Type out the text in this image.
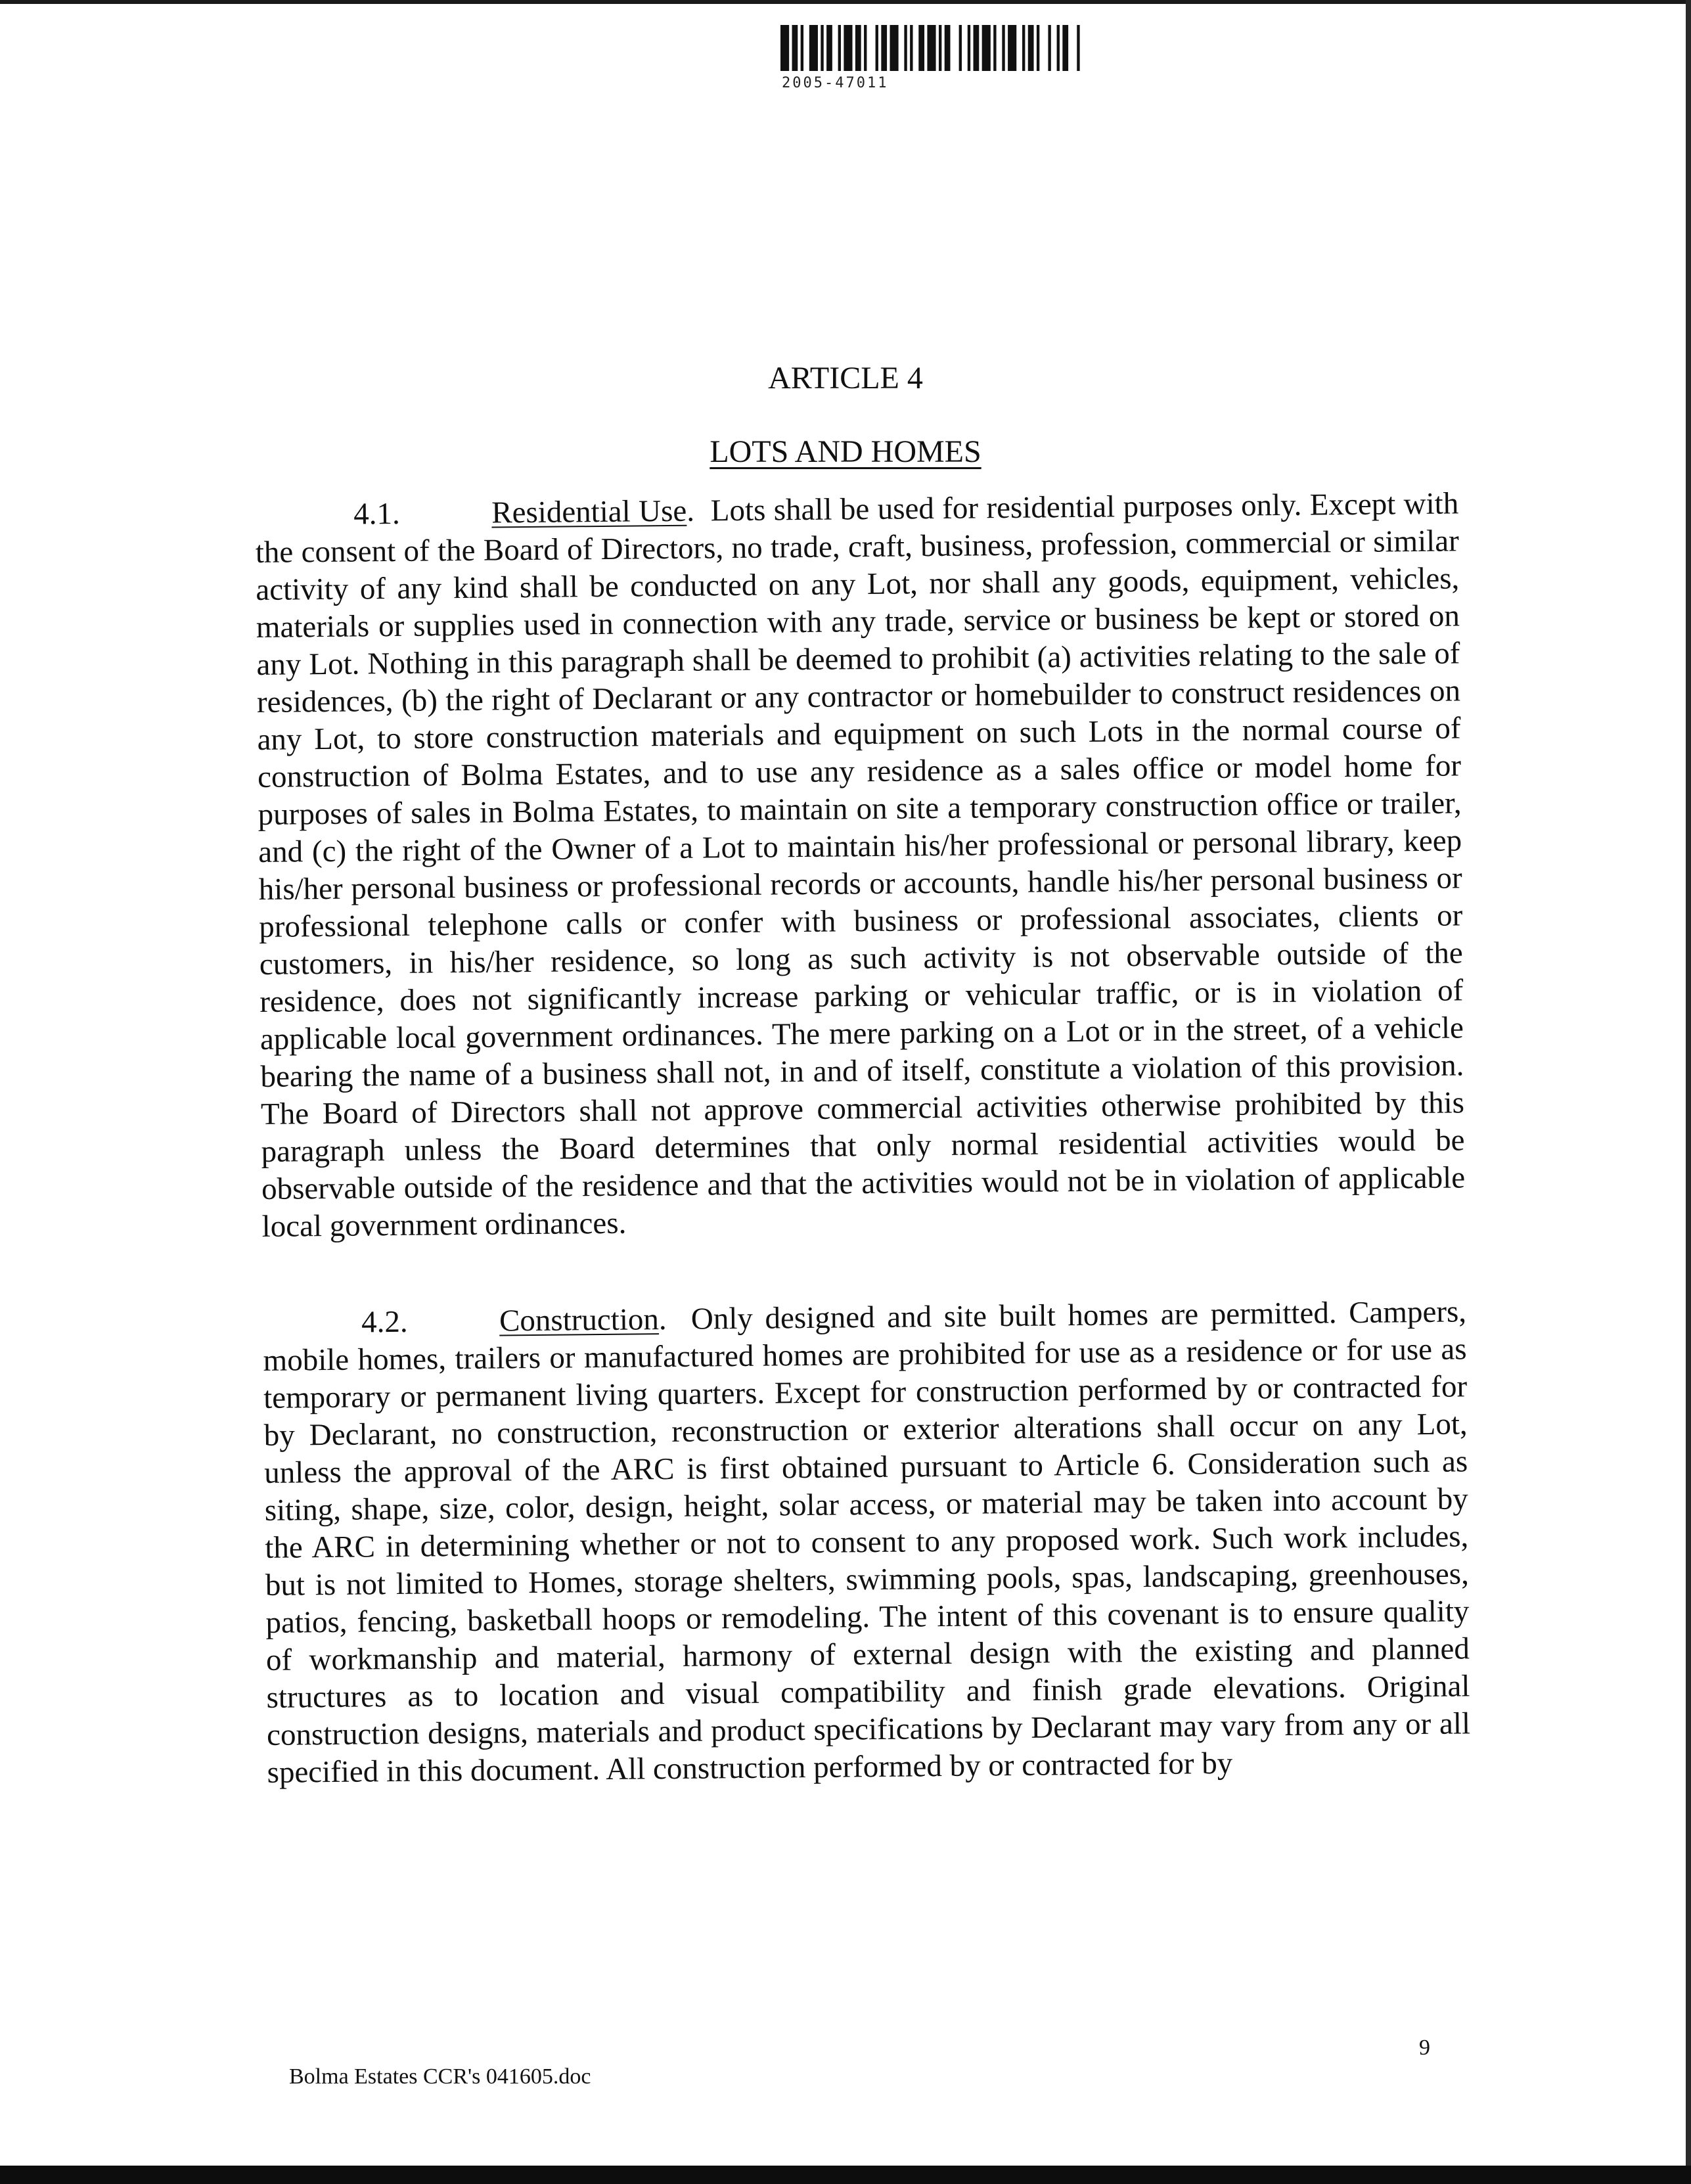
2005-47011
ARTICLE 4
LOTS AND HOMES

4.1.	Residential Use.  Lots shall be used for residential purposes only. Except with the consent of the Board of Directors, no trade, craft, business, profession, commercial or similar activity of any kind shall be conducted on any Lot, nor shall any goods, equipment, vehicles, materials or supplies used in connection with any trade, service or business be kept or stored on any Lot. Nothing in this paragraph shall be deemed to prohibit (a) activities relating to the sale of residences, (b) the right of Declarant or any contractor or homebuilder to construct residences on any Lot, to store construction materials and equipment on such Lots in the normal course of construction of Bolma Estates, and to use any residence as a sales office or model home for purposes of sales in Bolma Estates, to maintain on site a temporary construction office or trailer, and (c) the right of the Owner of a Lot to maintain his/her professional or personal library, keep his/her personal business or professional records or accounts, handle his/her personal business or professional telephone calls or confer with business or professional associates, clients or customers, in his/her residence, so long as such activity is not observable outside of the residence, does not significantly increase parking or vehicular traffic, or is in violation of applicable local government ordinances. The mere parking on a Lot or in the street, of a vehicle bearing the name of a business shall not, in and of itself, constitute a violation of this provision. The Board of Directors shall not approve commercial activities otherwise prohibited by this paragraph unless the Board determines that only normal residential activities would be observable outside of the residence and that the activities would not be in violation of applicable local government ordinances.

4.2.	Construction.  Only designed and site built homes are permitted. Campers, mobile homes, trailers or manufactured homes are prohibited for use as a residence or for use as temporary or permanent living quarters. Except for construction performed by or contracted for by Declarant, no construction, reconstruction or exterior alterations shall occur on any Lot, unless the approval of the ARC is first obtained pursuant to Article 6. Consideration such as siting, shape, size, color, design, height, solar access, or material may be taken into account by the ARC in determining whether or not to consent to any proposed work. Such work includes, but is not limited to Homes, storage shelters, swimming pools, spas, landscaping, greenhouses, patios, fencing, basketball hoops or remodeling. The intent of this covenant is to ensure quality of workmanship and material, harmony of external design with the existing and planned structures as to location and visual compatibility and finish grade elevations. Original construction designs, materials and product specifications by Declarant may vary from any or all specified in this document. All construction performed by or contracted for by

Bolma Estates CCR's 041605.doc
9
